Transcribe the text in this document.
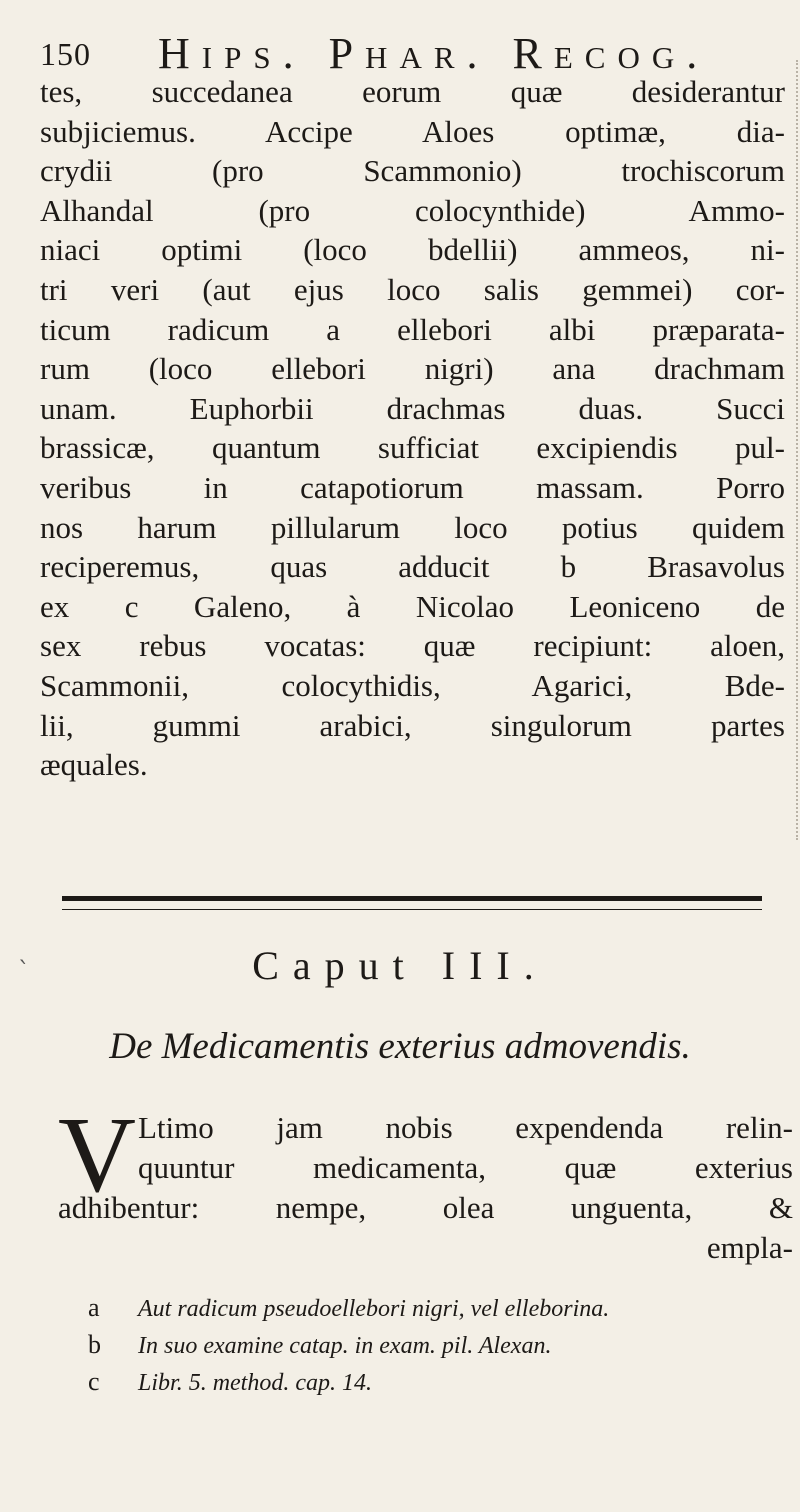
150 Hips. Phar. Recog.
tes, succedanea eorum quæ desiderantur
subjiciemus. Accipe Aloes optimæ, dia-
crydii (pro Scammonio) trochiscorum
Alhandal (pro colocynthide) Ammo-
niaci optimi (loco bdellii) ammeos, ni-
tri veri (aut ejus loco salis gemmei) cor-
ticum radicum a ellebori albi præparata-
rum (loco ellebori nigri) ana drachmam
unam. Euphorbii drachmas duas. Succi
brassicæ, quantum sufficiat excipiendis pul-
veribus in catapotiorum massam. Porro
nos harum pillularum loco potius quidem
reciperemus, quas adducit b Brasavolus
ex c Galeno, à Nicolao Leoniceno de
sex rebus vocatas: quæ recipiunt: aloen,
Scammonii, colocythidis, Agarici, Bde-
lii, gummi arabici, singulorum partes
æquales.
ˋ	Caput III.
De Medicamentis exterius admovendis.
V Ltimo jam nobis expendenda relin-
quuntur medicamenta, quæ exterius
adhibentur: nempe, olea unguenta, &
empla-
a Aut radicum pseudoellebori nigri, vel elleborina.
b In suo examine catap. in exam. pil. Alexan.
c Libr. 5. method. cap. 14.
